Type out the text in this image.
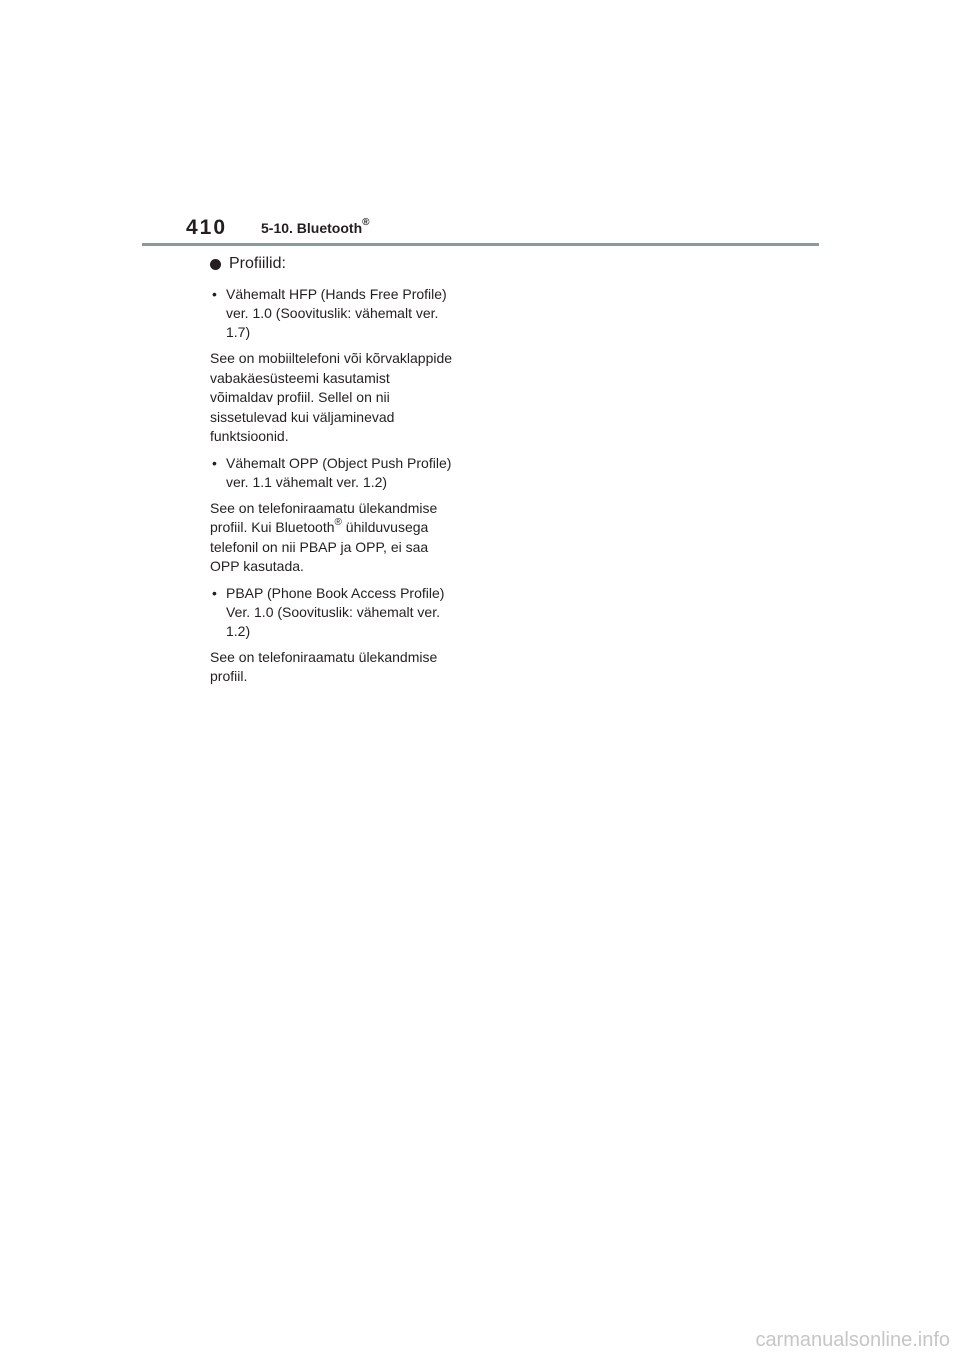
410 5-10. Bluetooth®
Profiilid:
• Vähemalt HFP (Hands Free Profile)
ver. 1.0 (Soovituslik: vähemalt ver.
1.7)
See on mobiiltelefoni või kõrvaklappide
vabakäesüsteemi kasutamist
võimaldav profiil. Sellel on nii
sissetulevad kui väljaminevad
funktsioonid.
• Vähemalt OPP (Object Push Profile)
ver. 1.1 vähemalt ver. 1.2)
See on telefoniraamatu ülekandmise
profiil. Kui Bluetooth® ühilduvusega
telefonil on nii PBAP ja OPP, ei saa
OPP kasutada.
• PBAP (Phone Book Access Profile)
Ver. 1.0 (Soovituslik: vähemalt ver.
1.2)
See on telefoniraamatu ülekandmise
profiil.
carmanualsonline.info
